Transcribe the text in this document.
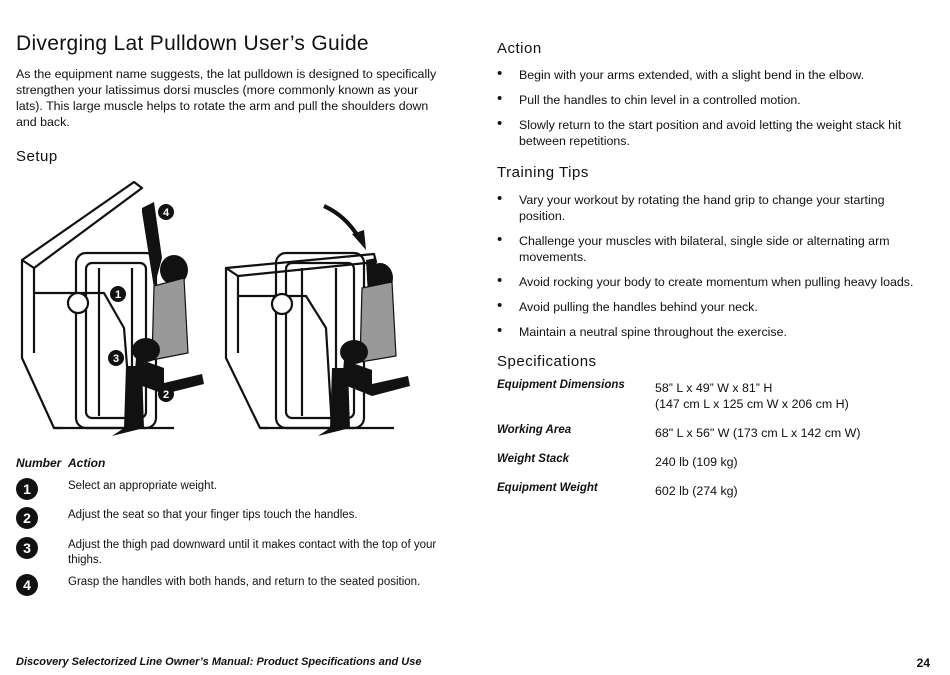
Diverging Lat Pulldown User’s Guide

As the equipment name suggests, the lat pulldown is designed to specifically strengthen your latissimus dorsi muscles (more commonly known as your lats). This large muscle helps to rotate the arm and pull the shoulders down and back.

Setup
4
1
3
2
Number Action
1	Select an appropriate weight.
2	Adjust the seat so that your finger tips touch the handles.
3	Adjust the thigh pad downward until it makes contact with the top of your thighs.
4	Grasp the handles with both hands, and return to the seated position.
Action
• Begin with your arms extended, with a slight bend in the elbow.
• Pull the handles to chin level in a controlled motion.
• Slowly return to the start position and avoid letting the weight stack hit between repetitions.
Training Tips
• Vary your workout by rotating the hand grip to change your starting position.
• Challenge your muscles with bilateral, single side or alternating arm movements.
• Avoid rocking your body to create momentum when pulling heavy loads.
• Avoid pulling the handles behind your neck.
• Maintain a neutral spine throughout the exercise.
Specifications
Equipment Dimensions 58” L x 49” W x 81” H
(147 cm L x 125 cm W x 206 cm H)
Working Area	68" L x 56" W (173 cm L x 142 cm W)
Weight Stack	240 lb (109 kg)
Equipment Weight	602 lb (274 kg)
Discovery Selectorized Line Owner’s Manual: Product Specifications and Use	24
